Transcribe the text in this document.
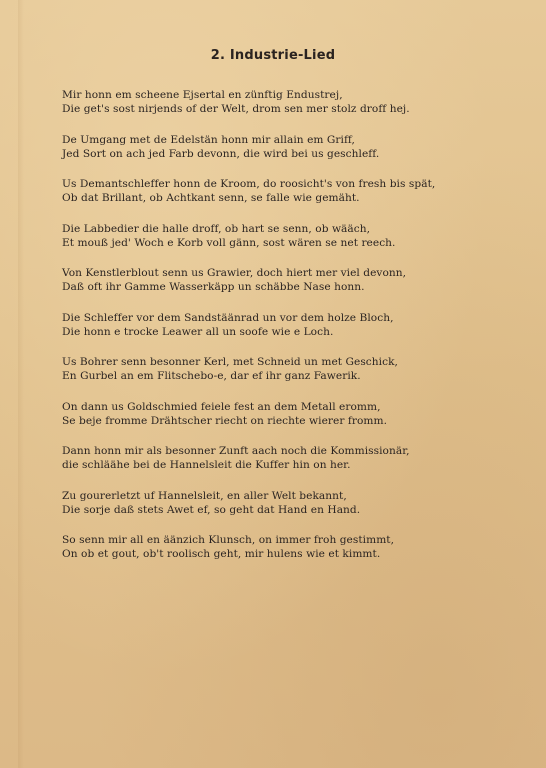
2. Industrie-Lied
Mir honn em scheene Ejsertal en zünftig Endustrej,
Die get's sost nirjends of der Welt, drom sen mer stolz droff hej.
De Umgang met de Edelstän honn mir allain em Griff,
Jed Sort on ach jed Farb devonn, die wird bei us geschleff.
Us Demantschleffer honn de Kroom, do roosicht's von fresh bis spät,
Ob dat Brillant, ob Achtkant senn, se falle wie gemäht.
Die Labbedier die halle droff, ob hart se senn, ob wääch,
Et mouß jed' Woch e Korb voll gänn, sost wären se net reech.
Von Kenstlerblout senn us Grawier, doch hiert mer viel devonn,
Daß oft ihr Gamme Wasserkäpp un schäbbe Nase honn.
Die Schleffer vor dem Sandstäänrad un vor dem holze Bloch,
Die honn e trocke Leawer all un soofe wie e Loch.
Us Bohrer senn besonner Kerl, met Schneid un met Geschick,
En Gurbel an em Flitschebo-e, dar ef ihr ganz Fawerik.
On dann us Goldschmied feiele fest an dem Metall eromm,
Se beje fromme Drähtscher riecht on riechte wierer fromm.
Dann honn mir als besonner Zunft aach noch die Kommissionär,
die schläähe bei de Hannelsleit die Kuffer hin on her.
Zu gourerletzt uf Hannelsleit, en aller Welt bekannt,
Die sorje daß stets Awet ef, so geht dat Hand en Hand.
So senn mir all en äänzich Klunsch, on immer froh gestimmt,
On ob et gout, ob't roolisch geht, mir hulens wie et kimmt.
